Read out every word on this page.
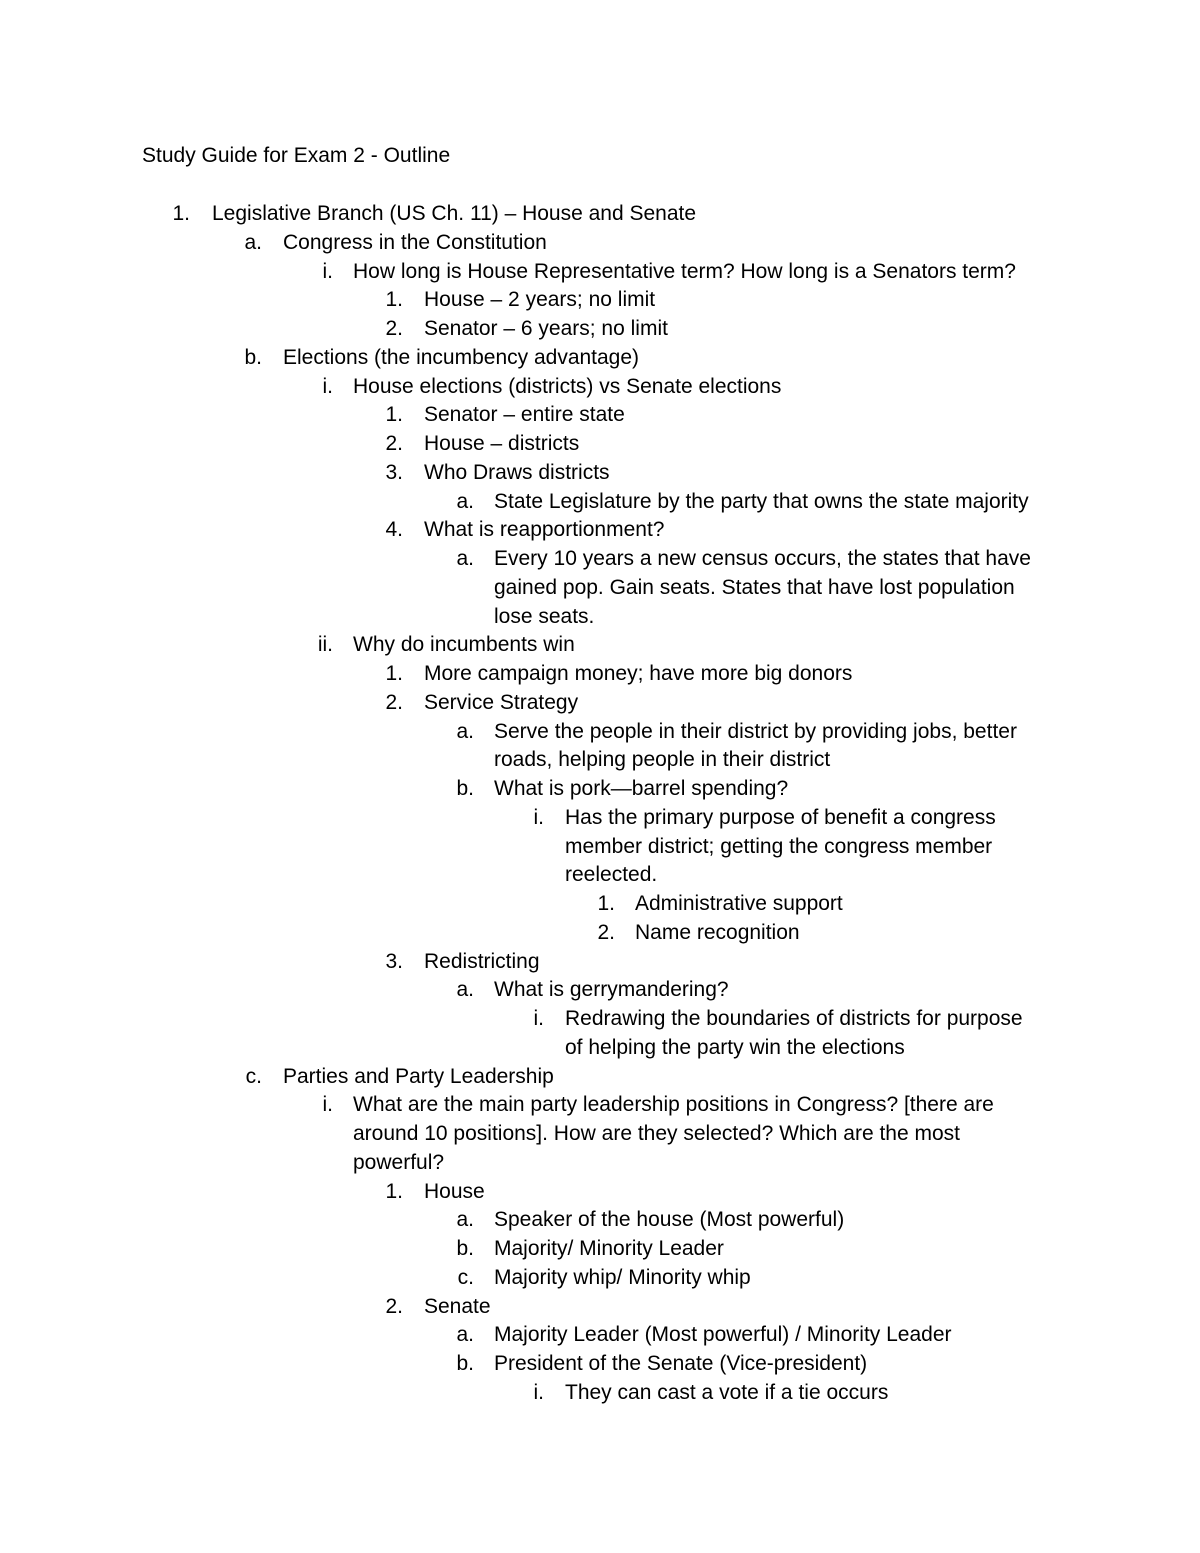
Study Guide for Exam 2 - Outline
1. Legislative Branch (US Ch. 11) – House and Senate
a. Congress in the Constitution
i. How long is House Representative term? How long is a Senators term?
1. House – 2 years; no limit
2. Senator – 6 years; no limit
b. Elections (the incumbency advantage)
i. House elections (districts) vs Senate elections
1. Senator – entire state
2. House – districts
3. Who Draws districts
a. State Legislature by the party that owns the state majority
4. What is reapportionment?
a. Every 10 years a new census occurs, the states that have
gained pop. Gain seats. States that have lost population
lose seats.
ii. Why do incumbents win
1. More campaign money; have more big donors
2. Service Strategy
a. Serve the people in their district by providing jobs, better
roads, helping people in their district
b. What is pork—barrel spending?
i. Has the primary purpose of benefit a congress
member district; getting the congress member
reelected.
1. Administrative support
2. Name recognition
3. Redistricting
a. What is gerrymandering?
i. Redrawing the boundaries of districts for purpose
of helping the party win the elections
c. Parties and Party Leadership
i. What are the main party leadership positions in Congress? [there are
around 10 positions]. How are they selected? Which are the most
powerful?
1. House
a. Speaker of the house (Most powerful)
b. Majority/ Minority Leader
c. Majority whip/ Minority whip
2. Senate
a. Majority Leader (Most powerful) / Minority Leader
b. President of the Senate (Vice-president)
i. They can cast a vote if a tie occurs
